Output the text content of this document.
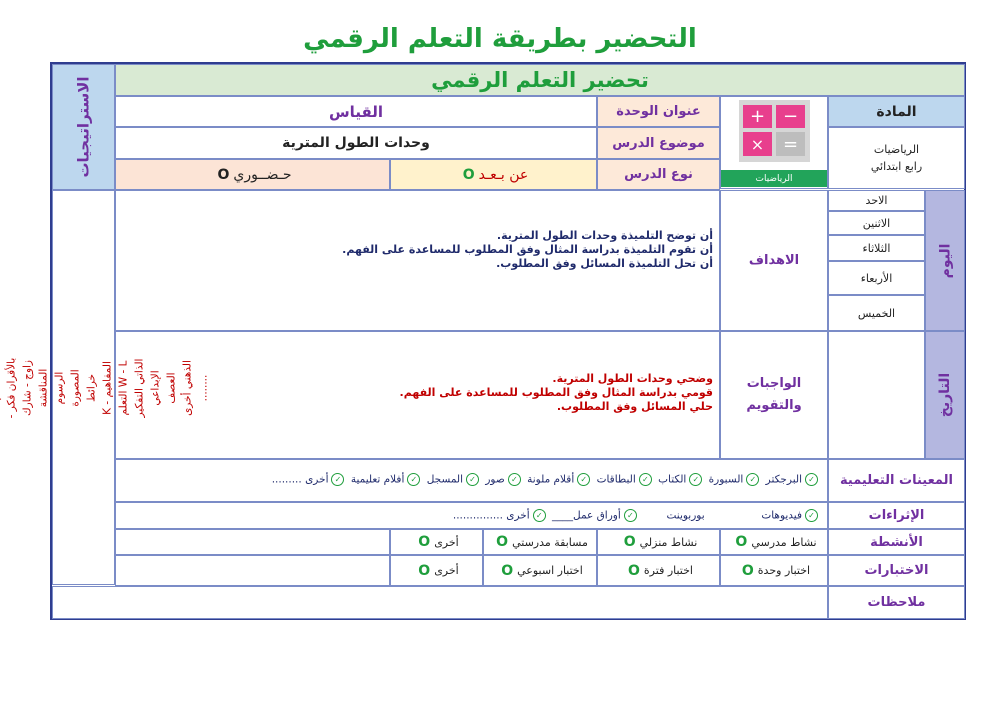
التحضير بطريقة التعلم الرقمي
الاستراتيجيات
بالأقران فكر - زاوج - شارك المناقشة الرسوم المصورة خرائط المفاهيم K - W - L التعلم الذاتي التفكير الإبداعي العصف الذهني أخرى ........
تحضير التعلم الرقمي
المادة
الرياضيات
رابع ابتدائي
+ −
×	=
الرياضيات
عنوان الوحدة
القياس
موضوع الدرس
وحدات الطول المترية
نوع الدرس
عن بـعـد
O
حـضــوري
O
اليوم
التاريخ
الاحد
الاثنين
الثلاثاء
الأربعاء
الخميس
الاهداف
أن توضح التلميذة وحدات الطول المترية.
أن تقوم التلميذة بدراسة المثال وفق المطلوب للمساعدة على الفهم.
أن تحل التلميذة المسائل وفق المطلوب.
الواجبات
والتقويم
وضحي وحدات الطول المترية.
قومي بدراسة المثال وفق المطلوب للمساعدة على الفهم.
حلي المسائل وفق المطلوب.
المعينات التعليمية
✓البرجكتر ✓السبورة ✓الكتاب ✓البطاقات ✓أقلام ملونة ✓صور ✓المسجل ✓أفلام تعليمية ✓أخرى .........
الإثراءات
✓فيديوهات  بوربوينت  ✓أوراق عمل____ ✓أخرى ...............
الأنشطة
نشاط مدرسي
O
نشاط منزلي
O
مسابقة مدرستي
O
أخرى
O
الاختبارات
اختبار وحدة
O
اختبار فترة
O
اختبار اسبوعي
O
أخرى
O
ملاحظات
